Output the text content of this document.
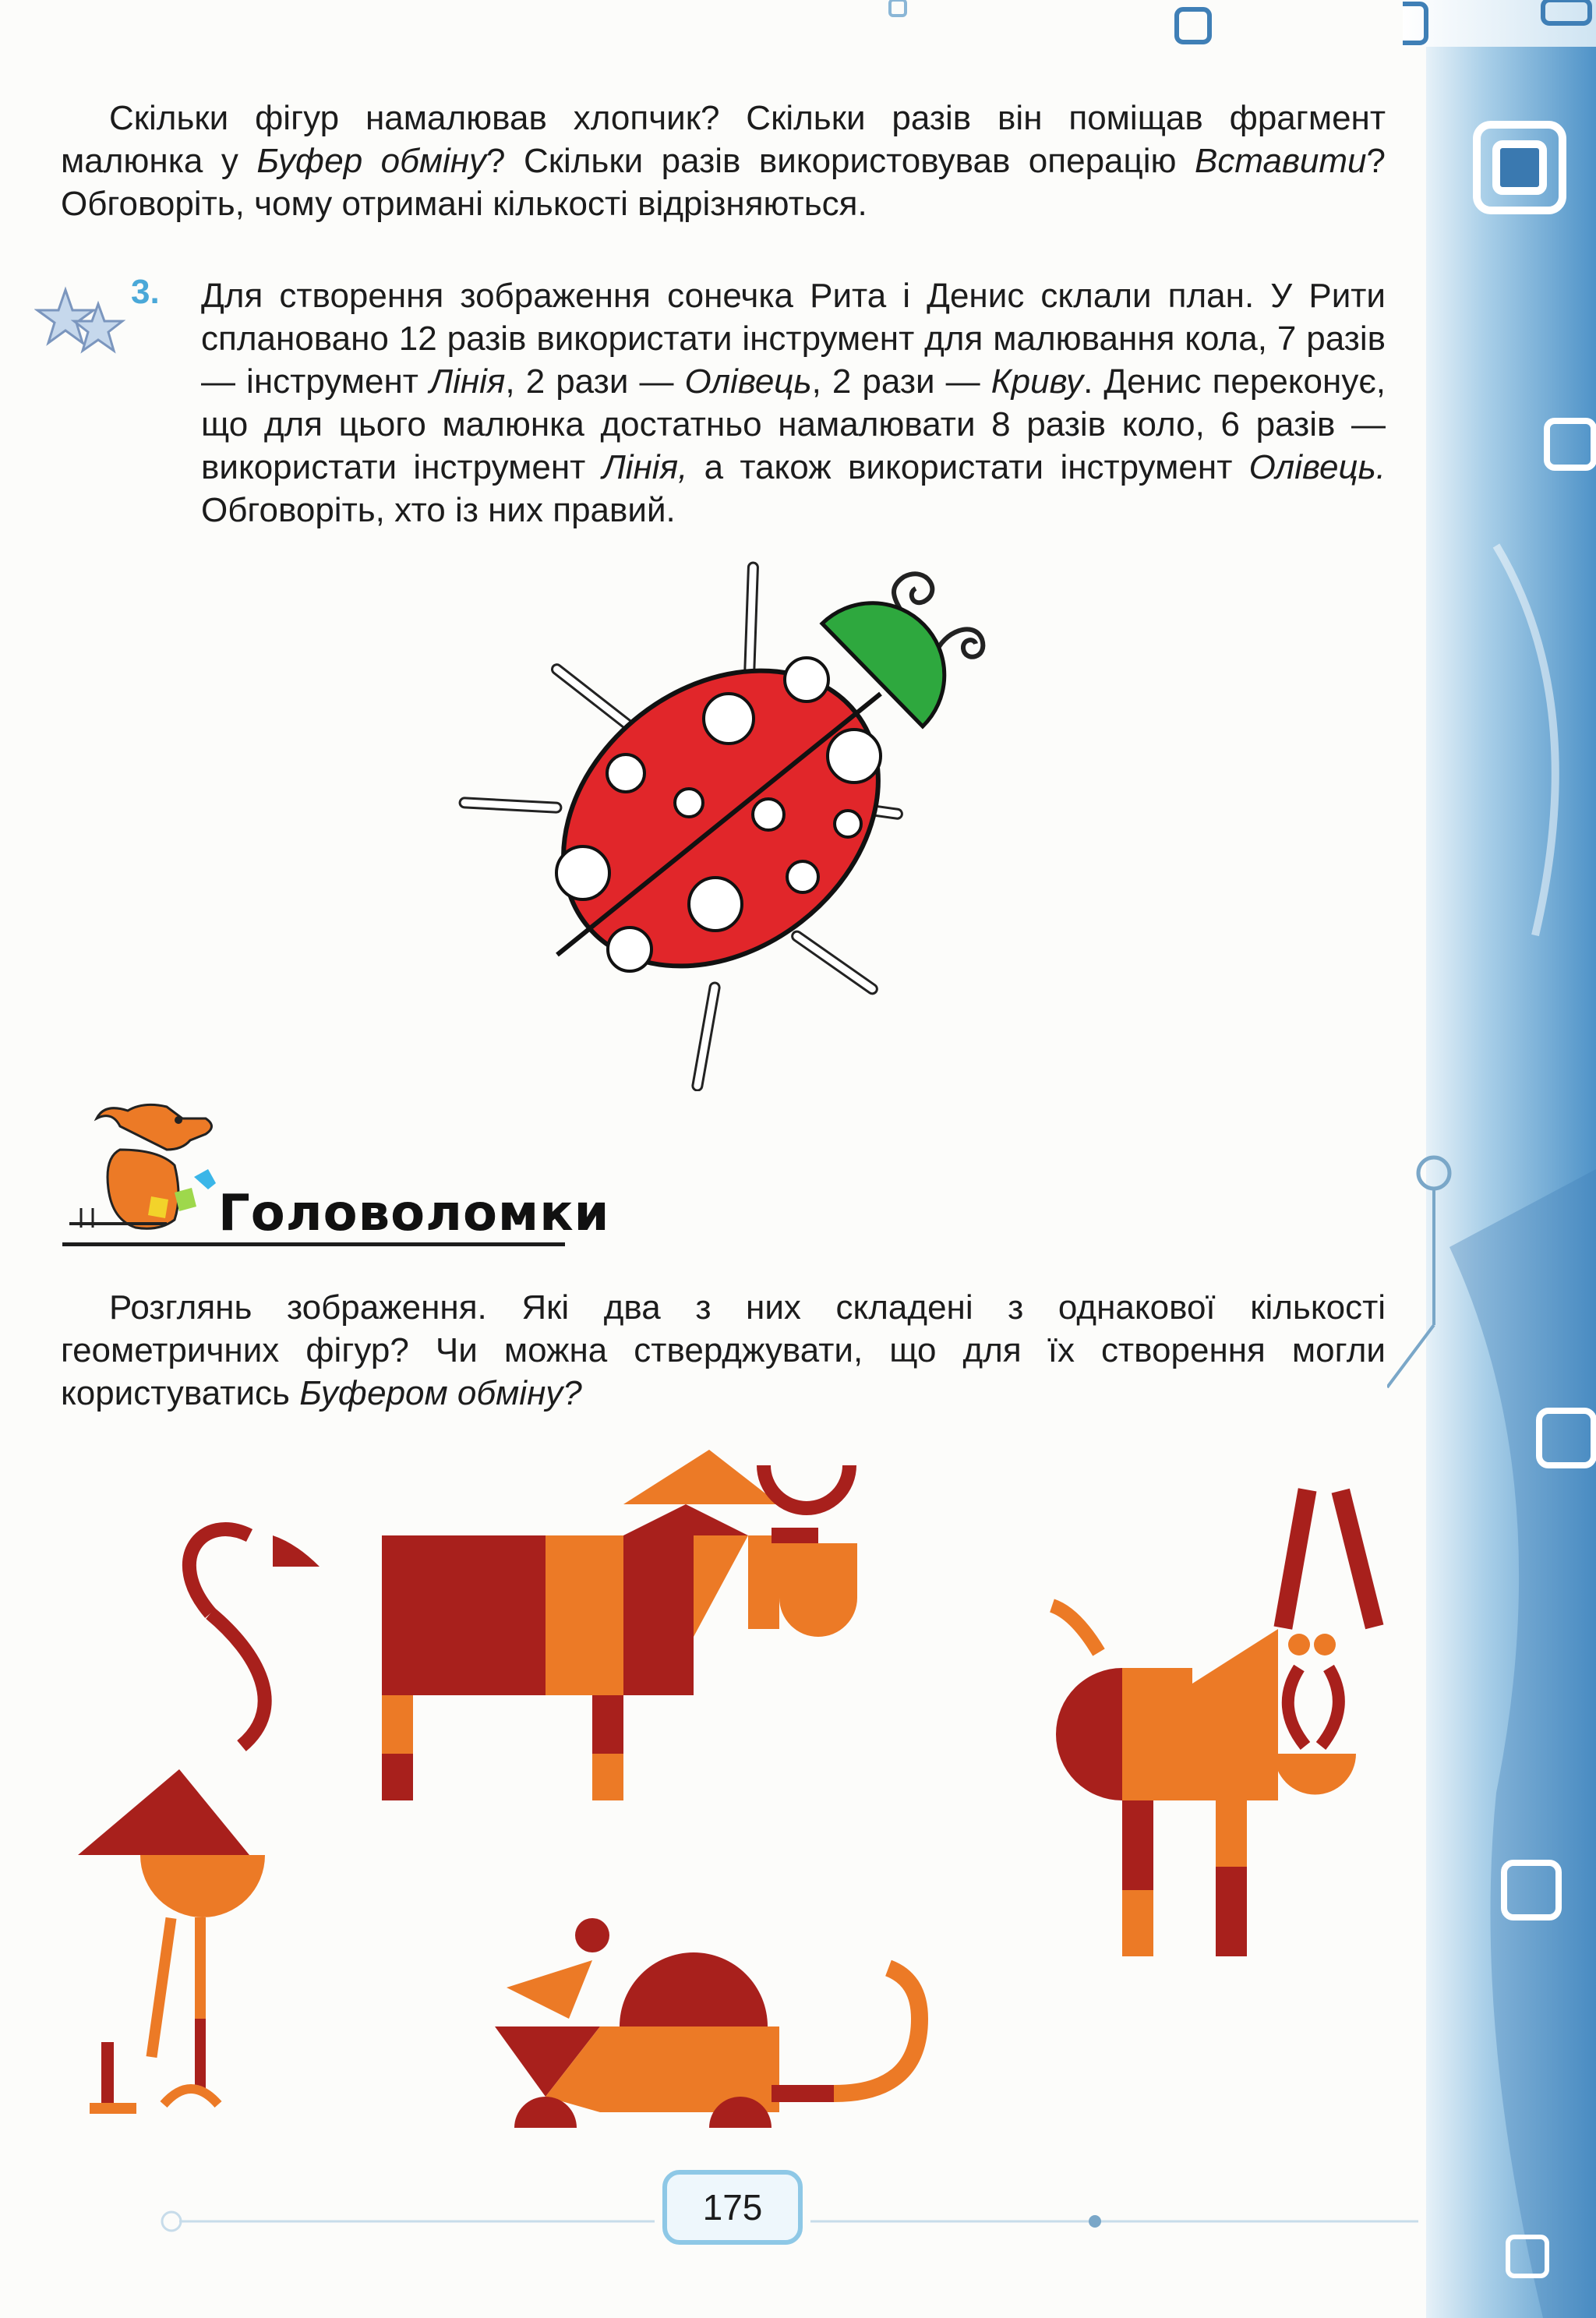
Скільки фігур намалював хлопчик? Скільки разів він поміщав фрагмент малюнка у Буфер обміну? Скільки разів використовував операцію Вставити? Обговоріть, чому отримані кількості відрізняються.
3. Для створення зображення сонечка Рита і Денис склали план. У Рити сплановано 12 разів використати інструмент для малювання кола, 7 разів — інструмент Лінія, 2 рази — Олівець, 2 рази — Криву. Денис переконує, що для цього малюнка достатньо намалювати 8 разів коло, 6 разів — використати інструмент Лінія, а також використати інструмент Олівець. Обговоріть, хто із них правий.
Головоломки
Розглянь зображення. Які два з них складені з однакової кількості геометричних фігур? Чи можна стверджувати, що для їх створення могли користуватись Буфером обміну?
175
